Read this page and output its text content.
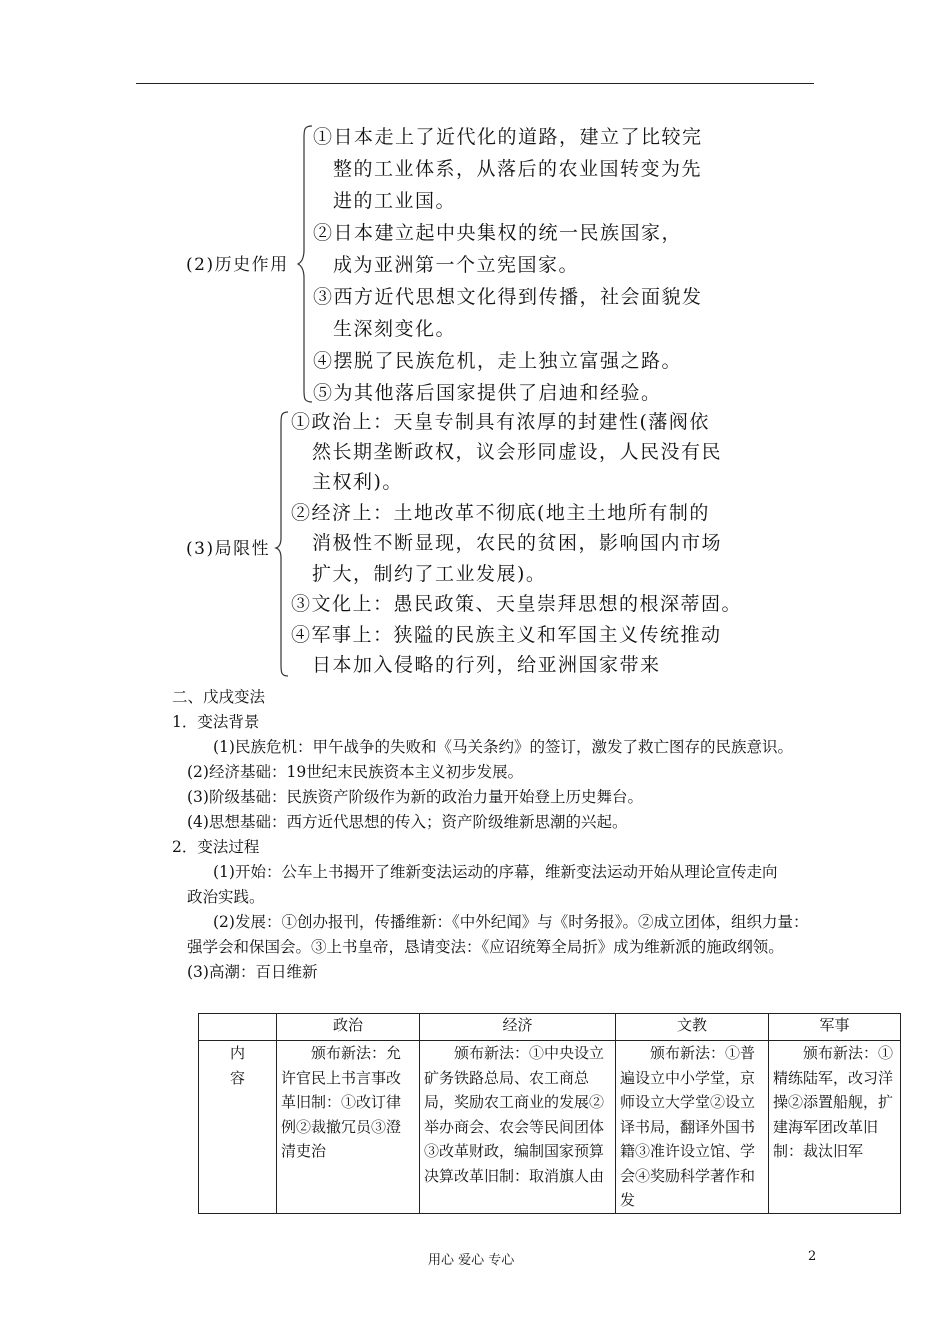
(2)历史作用
①日本走上了近代化的道路，建立了比较完
整的工业体系，从落后的农业国转变为先
进的工业国。
②日本建立起中央集权的统一民族国家，
成为亚洲第一个立宪国家。
③西方近代思想文化得到传播，社会面貌发
生深刻变化。
④摆脱了民族危机，走上独立富强之路。
⑤为其他落后国家提供了启迪和经验。
(3)局限性
①政治上：天皇专制具有浓厚的封建性(藩阀依
然长期垄断政权，议会形同虚设，人民没有民
主权利)。
②经济上：土地改革不彻底(地主土地所有制的
消极性不断显现，农民的贫困，影响国内市场
扩大，制约了工业发展)。
③文化上：愚民政策、天皇崇拜思想的根深蒂固。
④军事上：狭隘的民族主义和军国主义传统推动
日本加入侵略的行列，给亚洲国家带来
二、戊戌变法
1．变法背景
(1)民族危机：甲午战争的失败和《马关条约》的签订，激发了救亡图存的民族意识。
(2)经济基础：19世纪末民族资本主义初步发展。
(3)阶级基础：民族资产阶级作为新的政治力量开始登上历史舞台。
(4)思想基础：西方近代思想的传入；资产阶级维新思潮的兴起。
2．变法过程
(1)开始：公车上书揭开了维新变法运动的序幕，维新变法运动开始从理论宣传走向
政治实践。
(2)发展：①创办报刊，传播维新：《中外纪闻》与《时务报》。②成立团体，组织力量：
强学会和保国会。③上书皇帝，恳请变法：《应诏统筹全局折》成为维新派的施政纲领。
(3)高潮：百日维新
	政治	经济	文教	军事

内容	颁布新法：允许官民上书言事改革旧制：①改订律例②裁撤冗员③澄清吏治	颁布新法：①中央设立矿务铁路总局、农工商总局，奖励农工商业的发展②举办商会、农会等民间团体③改革财政，编制国家预算决算改革旧制：取消旗人由	颁布新法：①普遍设立中小学堂，京师设立大学堂②设立译书局，翻译外国书籍③准许设立馆、学会④奖励科学著作和发	颁布新法：①精练陆军，改习洋操②添置船舰，扩建海军团改革旧制：裁汰旧军
用心 爱心 专心	2
